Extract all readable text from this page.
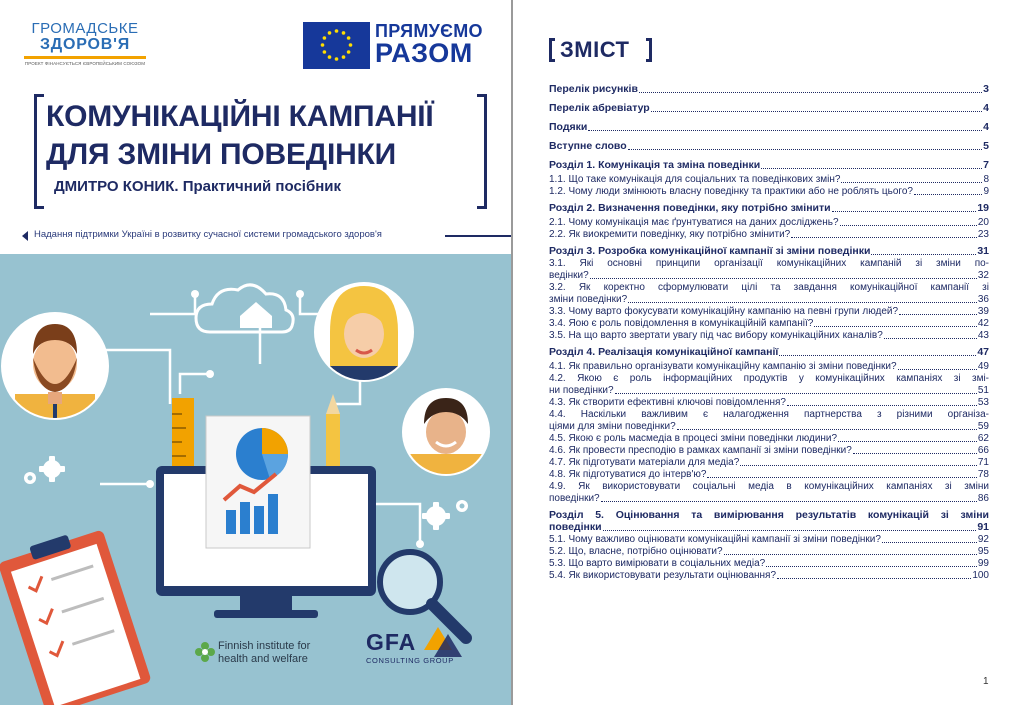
ГРОМАДСЬКЕ
ЗДОРОВ'Я
ПРОЕКТ ФІНАНСУЄТЬСЯ ЄВРОПЕЙСЬКИМ СОЮЗОМ
ПРЯМУЄМО
РАЗОМ
КОМУНІКАЦІЙНІ КАМПАНІЇ
ДЛЯ ЗМІНИ ПОВЕДІНКИ
ДМИТРО КОНИК. Практичний посібник
Надання підтримки Україні в розвитку сучасної системи громадського здоров'я
Finnish institute for
health and welfare
GFA
CONSULTING GROUP
ЗМІСТ
Перелік рисунків	3
Перелік абревіатур	4
Подяки	4
Вступне слово	5
Розділ 1. Комунікація та зміна поведінки	7
1.1. Що таке комунікація для соціальних та поведінкових змін?	8
1.2. Чому люди змінюють власну поведінку та практики або не роблять цього?	9
Розділ 2. Визначення поведінки, яку потрібно змінити	19
2.1. Чому комунікація має ґрунтуватися на даних досліджень?	20
2.2. Як виокремити поведінку, яку потрібно змінити?	23
Розділ 3. Розробка комунікаційної кампанії зі зміни поведінки	31
3.1. Які основні принципи організації комунікаційних кампаній зі зміни по-
ведінки?	32
3.2. Як коректно сформулювати цілі та завдання комунікаційної кампанії зі
зміни поведінки?	36
3.3. Чому варто фокусувати комунікаційну кампанію на певні групи людей?	39
3.4. Яою є роль повідомлення в комунікаційній кампанії?	42
3.5. На що варто звертати увагу під час вибору комунікаційних каналів?	43
Розділ 4. Реалізація комунікаційної кампанії	47
4.1. Як правильно організувати комунікаційну кампанію зі зміни поведінки?	49
4.2. Якою є роль інформаційних продуктів у комунікаційних кампаніях зі змі-
ни поведінки?	51
4.3. Як створити ефективні ключові повідомлення?	53
4.4. Наскільки важливим є налагодження партнерства з різними організа-
ціями для зміни поведінки?	59
4.5. Якою є роль масмедіа в процесі зміни поведінки людини?	62
4.6. Як провести пресподію в рамках кампанії зі зміни поведінки?	66
4.7. Як підготувати матеріали для медіа?	71
4.8. Як підготуватися до інтерв'ю?	78
4.9. Як використовувати соціальні медіа в комунікаційних кампаніях зі зміни
поведінки?	86
Розділ 5. Оцінювання та вимірювання результатів комунікацій зі зміни
поведінки	91
5.1. Чому важливо оцінювати комунікаційні кампанії зі зміни поведінки?	92
5.2. Що, власне, потрібно оцінювати?	95
5.3. Що варто вимірювати в соціальних медіа?	99
5.4. Як використовувати результати оцінювання?	100
1
